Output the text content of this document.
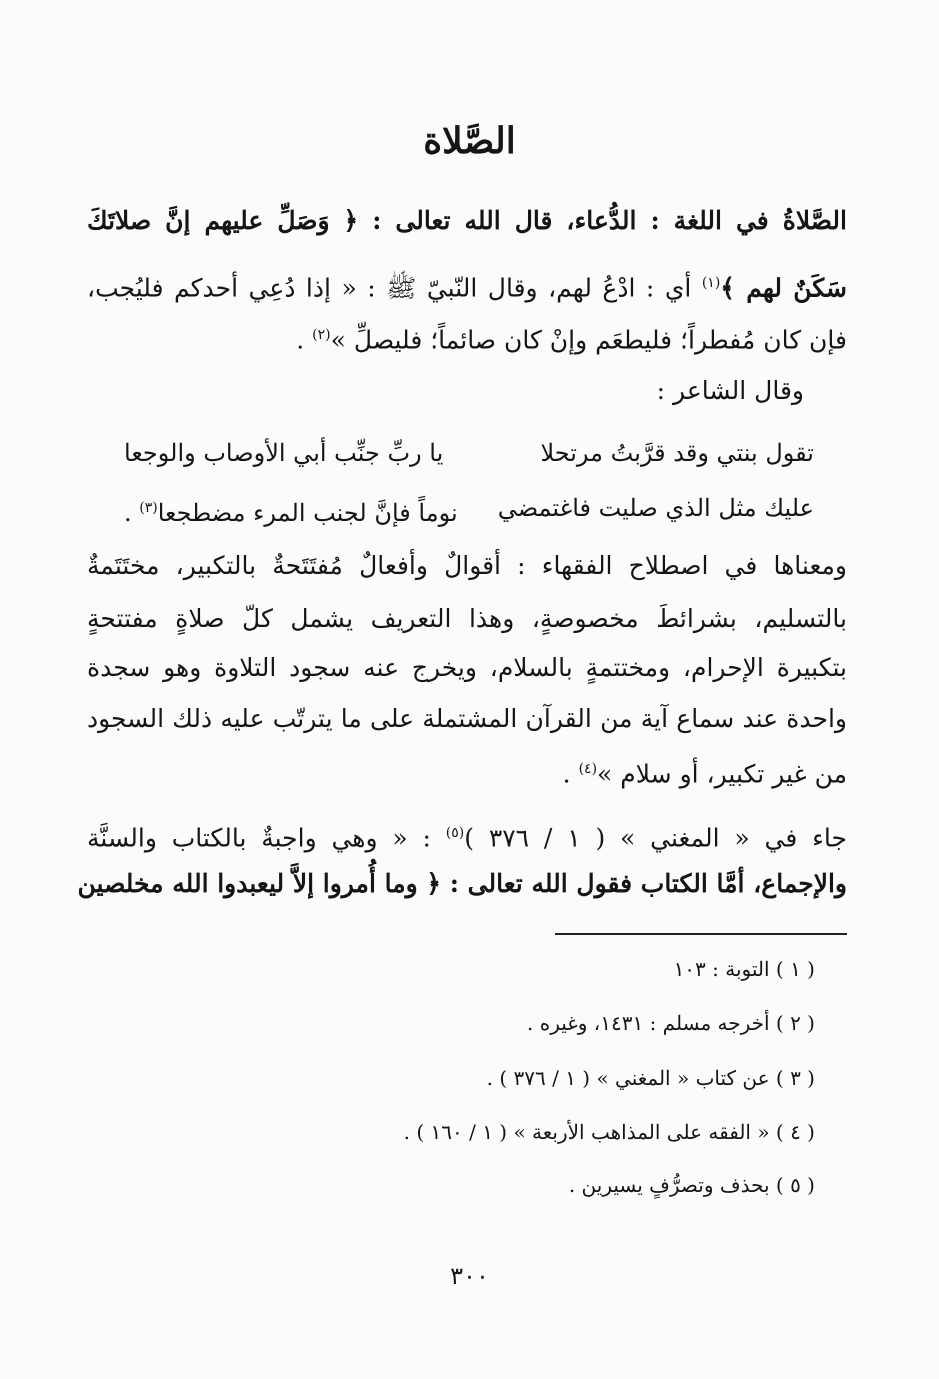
الصَّلاة
الصَّلاةُ في اللغة : الدُّعاء، قال الله تعالى : ﴿ وَصَلِّ عليهم إنَّ صلاتَكَ
سَكَنٌ لهم ﴾$^{(١)}$ أي : ادْعُ لهم، وقال النّبيّ ﷺ : « إذا دُعِي أحدكم فليُجب،
فإن كان مُفطراً؛ فليطعَم وإنْ كان صائماً؛ فليصلِّ »$^{(٢)}$ .
وقال الشاعر :
تقول بنتي وقد قرَّبتُ مرتحلا
يا ربِّ جنِّب أبي الأوصاب والوجعا
عليك مثل الذي صليت فاغتمضي
نوماً فإنَّ لجنب المرء مضطجعا$^{(٣)}$ .
ومعناها في اصطلاح الفقهاء : أقوالٌ وأفعالٌ مُفتَتَحةٌ بالتكبير، مختَتَمةٌ
بالتسليم، بشرائطَ مخصوصةٍ، وهذا التعريف يشمل كلّ صلاةٍ مفتتحةٍ
بتكبيرة الإحرام، ومختتمةٍ بالسلام، ويخرج عنه سجود التلاوة وهو سجدة
واحدة عند سماع آية من القرآن المشتملة على ما يترتّب عليه ذلك السجود
من غير تكبير، أو سلام »$^{(٤)}$ .
جاء في « المغني » ( ١ / ٣٧٦ )$^{(٥)}$ : « وهي واجبةٌ بالكتاب والسنَّة
والإجماع، أمَّا الكتاب فقول الله تعالى : ﴿ وما أُمروا إلاَّ ليعبدوا الله مخلصين
( ١ ) التوبة : ١٠٣
( ٢ ) أخرجه مسلم : ١٤٣١، وغيره .
( ٣ ) عن كتاب « المغني » ( ١ / ٣٧٦ ) .
( ٤ ) « الفقه على المذاهب الأربعة » ( ١ / ١٦٠ ) .
( ٥ ) بحذف وتصرُّفٍ يسيرين .
٣٠٠
